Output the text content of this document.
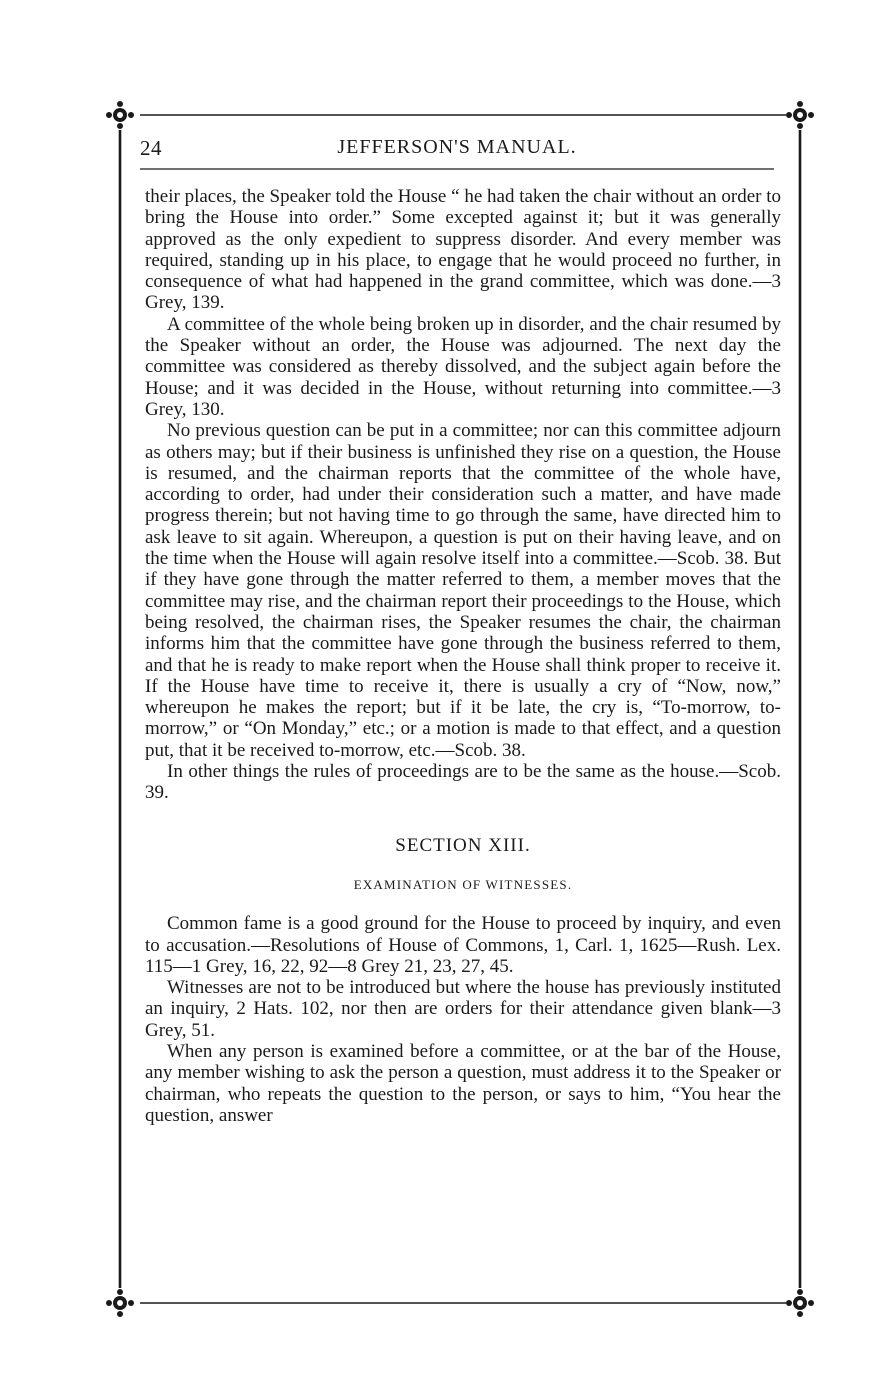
24	JEFFERSON'S MANUAL.

their places, the Speaker told the House “ he had taken the chair without an order to bring the House into order.” Some excepted against it; but it was generally approved as the only expedient to suppress disorder. And every member was required, standing up in his place, to engage that he would proceed no further, in consequence of what had happened in the grand committee, which was done.—3 Grey, 139.

A committee of the whole being broken up in disorder, and the chair resumed by the Speaker without an order, the House was adjourned. The next day the committee was considered as thereby dissolved, and the subject again before the House; and it was decided in the House, without returning into committee.—3 Grey, 130.

No previous question can be put in a committee; nor can this committee adjourn as others may; but if their business is unfinished they rise on a question, the House is resumed, and the chairman reports that the committee of the whole have, according to order, had under their consideration such a matter, and have made progress therein; but not having time to go through the same, have directed him to ask leave to sit again. Whereupon, a question is put on their having leave, and on the time when the House will again resolve itself into a committee.—Scob. 38. But if they have gone through the matter referred to them, a member moves that the committee may rise, and the chairman report their proceedings to the House, which being resolved, the chairman rises, the Speaker resumes the chair, the chairman informs him that the committee have gone through the business referred to them, and that he is ready to make report when the House shall think proper to receive it. If the House have time to receive it, there is usually a cry of “Now, now,” whereupon he makes the report; but if it be late, the cry is, “To-morrow, to-morrow,” or “On Monday,” etc.; or a motion is made to that effect, and a question put, that it be received to-morrow, etc.—Scob. 38.

In other things the rules of proceedings are to be the same as the house.—Scob. 39.

SECTION XIII.
EXAMINATION OF WITNESSES.

Common fame is a good ground for the House to proceed by inquiry, and even to accusation.—Resolutions of House of Commons, 1, Carl. 1, 1625—Rush. Lex. 115—1 Grey, 16, 22, 92—8 Grey 21, 23, 27, 45.

Witnesses are not to be introduced but where the house has previously instituted an inquiry, 2 Hats. 102, nor then are orders for their attendance given blank—3 Grey, 51.

When any person is examined before a committee, or at the bar of the House, any member wishing to ask the person a question, must address it to the Speaker or chairman, who repeats the question to the person, or says to him, “You hear the question, answer
